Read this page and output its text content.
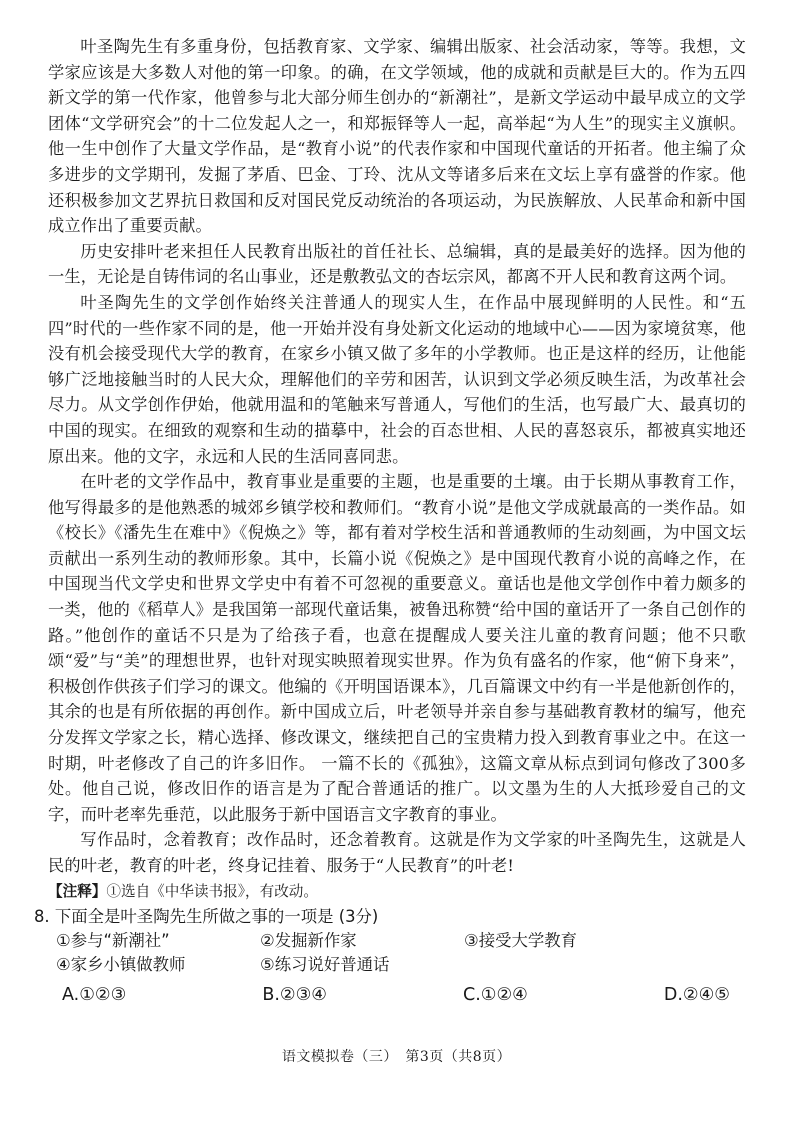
叶圣陶先生有多重身份，包括教育家、文学家、编辑出版家、社会活动家，等等。我想，文学家应该是大多数人对他的第一印象。的确，在文学领域，他的成就和贡献是巨大的。作为五四新文学的第一代作家，他曾参与北大部分师生创办的“新潮社”，是新文学运动中最早成立的文学团体“文学研究会”的十二位发起人之一，和郑振铎等人一起，高举起“为人生”的现实主义旗帜。他一生中创作了大量文学作品，是“教育小说”的代表作家和中国现代童话的开拓者。他主编了众多进步的文学期刊，发掘了茅盾、巴金、丁玲、沈从文等诸多后来在文坛上享有盛誉的作家。他还积极参加文艺界抗日救国和反对国民党反动统治的各项运动，为民族解放、人民革命和新中国成立作出了重要贡献。

历史安排叶老来担任人民教育出版社的首任社长、总编辑，真的是最美好的选择。因为他的一生，无论是自铸伟词的名山事业，还是敷教弘文的杏坛宗风，都离不开人民和教育这两个词。

叶圣陶先生的文学创作始终关注普通人的现实人生，在作品中展现鲜明的人民性。和“五四”时代的一些作家不同的是，他一开始并没有身处新文化运动的地域中心——因为家境贫寒，他没有机会接受现代大学的教育，在家乡小镇又做了多年的小学教师。也正是这样的经历，让他能够广泛地接触当时的人民大众，理解他们的辛劳和困苦，认识到文学必须反映生活，为改革社会尽力。从文学创作伊始，他就用温和的笔触来写普通人，写他们的生活，也写最广大、最真切的中国的现实。在细致的观察和生动的描摹中，社会的百态世相、人民的喜怒哀乐，都被真实地还原出来。他的文字，永远和人民的生活同喜同悲。

在叶老的文学作品中，教育事业是重要的主题，也是重要的土壤。由于长期从事教育工作，他写得最多的是他熟悉的城郊乡镇学校和教师们。“教育小说”是他文学成就最高的一类作品。如《校长》《潘先生在难中》《倪焕之》等，都有着对学校生活和普通教师的生动刻画，为中国文坛贡献出一系列生动的教师形象。其中，长篇小说《倪焕之》是中国现代教育小说的高峰之作，在中国现当代文学史和世界文学史中有着不可忽视的重要意义。童话也是他文学创作中着力颇多的一类，他的《稻草人》是我国第一部现代童话集，被鲁迅称赞“给中国的童话开了一条自己创作的路。”他创作的童话不只是为了给孩子看，也意在提醒成人要关注儿童的教育问题；他不只歌颂“爱”与“美”的理想世界，也针对现实映照着现实世界。作为负有盛名的作家，他“俯下身来”，积极创作供孩子们学习的课文。他编的《开明国语课本》，几百篇课文中约有一半是他新创作的，其余的也是有所依据的再创作。新中国成立后，叶老领导并亲自参与基础教育教材的编写，他充分发挥文学家之长，精心选择、修改课文，继续把自己的宝贵精力投入到教育事业之中。在这一时期，叶老修改了自己的许多旧作。 一篇不长的《孤独》，这篇文章从标点到词句修改了300多处。他自己说，修改旧作的语言是为了配合普通话的推广。以文墨为生的人大抵珍爱自己的文字，而叶老率先垂范，以此服务于新中国语言文字教育的事业。

写作品时，念着教育；改作品时，还念着教育。这就是作为文学家的叶圣陶先生，这就是人民的叶老，教育的叶老，终身记挂着、服务于“人民教育”的叶老!

【注释】①选自《中华读书报》，有改动。

8. 下面全是叶圣陶先生所做之事的一项是 (3分)

①参与“新潮社”	②发掘新作家	③接受大学教育
④家乡小镇做教师	⑤练习说好普通话
A.①②③	B.②③④	C.①②④	D.②④⑤
语文模拟卷（三）　第3页（共8页）
